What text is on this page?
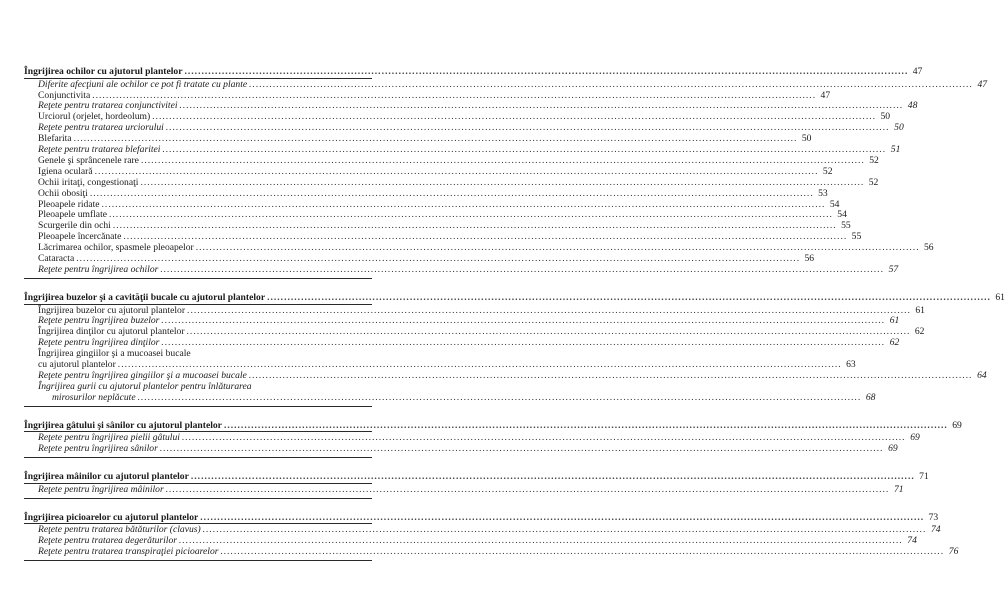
Îngrijirea ochilor cu ajutorul plantelor .....	47
Diferite afecţiuni ale ochilor ce pot fi tratate cu plante .....	47
Conjunctivita .....	47
Reţete pentru tratarea conjunctivitei .....	48
Urciorul (orjelet, hordeolum) .....	50
Reţete pentru tratarea urciorului .....	50
Blefarita .....	50
Reţete pentru tratarea blefaritei .....	51
Genele şi sprâncenele rare .....	52
Igiena oculară .....	52
Ochii iritaţi, congestionaţi .....	52
Ochii obosiţi .....	53
Pleoapele ridate .....	54
Pleoapele umflate .....	54
Scurgerile din ochi .....	55
Pleoapele încercănate .....	55
Lăcrimarea ochilor, spasmele pleoapelor .....	56
Cataracta .....	56
Reţete pentru îngrijirea ochilor .....	57
Îngrijirea buzelor şi a cavităţii bucale cu ajutorul plantelor .....	61
Îngrijirea buzelor cu ajutorul plantelor .....	61
Reţete pentru îngrijirea buzelor .....	61
Îngrijirea dinţilor cu ajutorul plantelor .....	62
Reţete pentru îngrijirea dinţilor .....	62
Îngrijirea gingiilor şi a mucoasei bucale
cu ajutorul plantelor .....	63
Reţete pentru îngrijirea gingiilor şi a mucoasei bucale .....	64
Îngrijirea gurii cu ajutorul plantelor pentru înlăturarea
mirosurilor neplăcute .....	68
Îngrijirea gâtului şi sânilor cu ajutorul plantelor .....	69
Reţete pentru îngrijirea pielii gâtului .....	69
Reţete pentru îngrijirea sânilor .....	69
Îngrijirea mâinilor cu ajutorul plantelor .....	71
Reţete pentru îngrijirea mâinilor .....	71
Îngrijirea picioarelor cu ajutorul plantelor .....	73
Reţete pentru tratarea bătăturilor (clavus) .....	74
Reţete pentru tratarea degerăturilor .....	74
Reţete pentru tratarea transpiraţiei picioarelor .....	76
